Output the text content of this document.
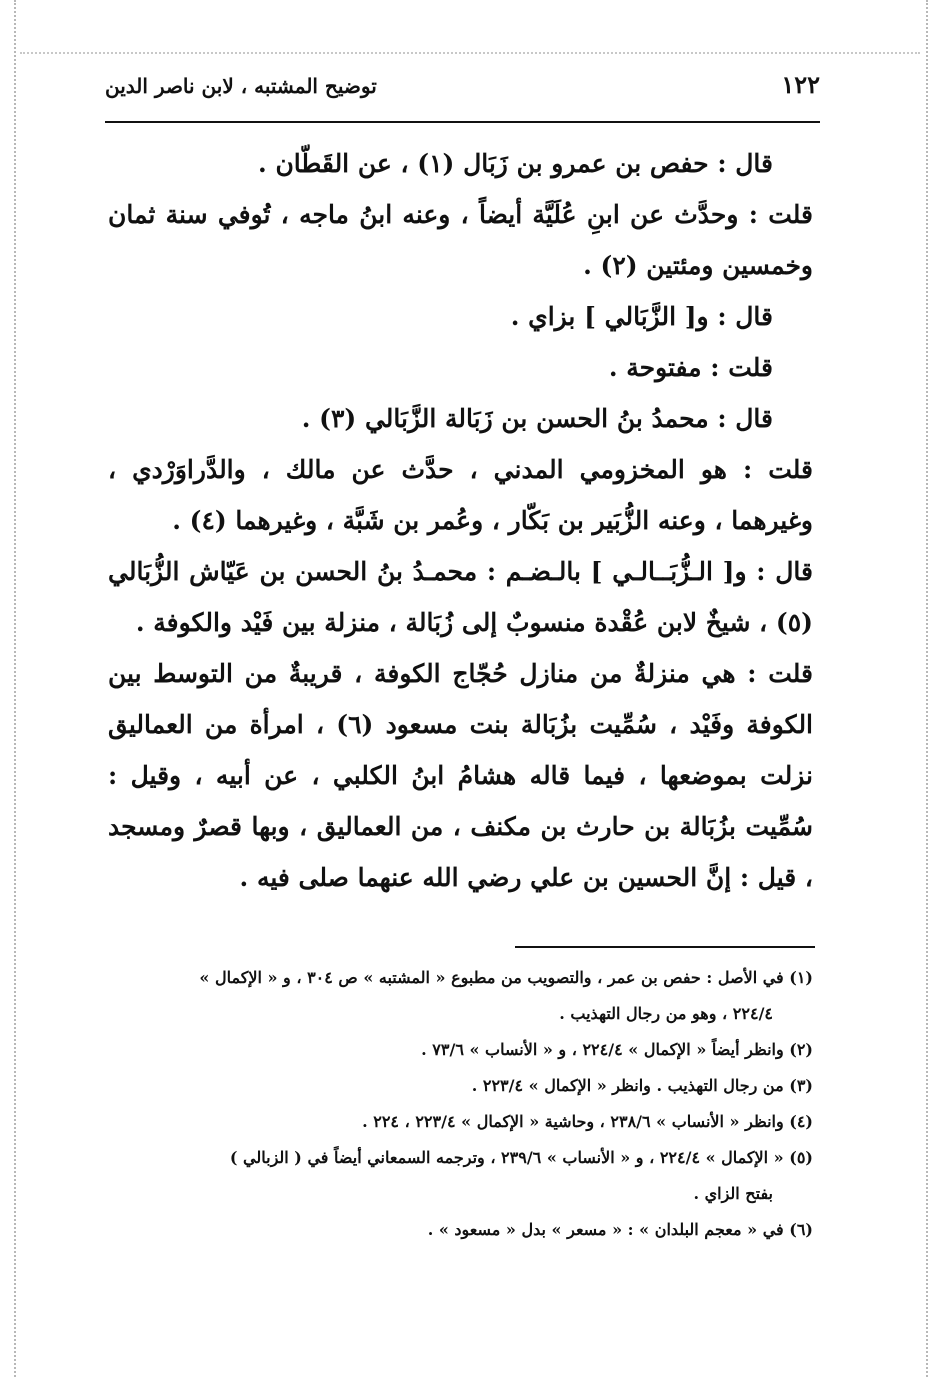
١٢٢
توضيح المشتبه ، لابن ناصر الدين

قال : حفص بن عمرو بن زَبَال (١) ، عن القَطّان .

قلت : وحدَّث عن ابنِ عُلَيَّة أيضاً ، وعنه ابنُ ماجه ، تُوفي سنة ثمان وخمسين ومئتين (٢) .

قال : و[ الزَّبَالي ] بزاي .

قلت : مفتوحة .

قال : محمدُ بنُ الحسن بن زَبَالة الزَّبَالي (٣) .

قلت : هو المخزومي المدني ، حدَّث عن مالك ، والدَّراوَرْدي ، وغيرهما ، وعنه الزُّبَير بن بَكّار ، وعُمر بن شَبَّة ، وغيرهما (٤) .

قال : و[ الـزُّبَــالـي ] بالـضـم : محمـدُ بنُ الحسن بن عَيّاش الزُّبَالي (٥) ، شيخٌ لابن عُقْدة منسوبٌ إلى زُبَالة ، منزلة بين فَيْد والكوفة .

قلت : هي منزلةٌ من منازل حُجّاج الكوفة ، قريبةٌ من التوسط بين الكوفة وفَيْد ، سُمِّيت بزُبَالة بنت مسعود (٦) ، امرأة من العماليق نزلت بموضعها ، فيما قاله هشامُ ابنُ الكلبي ، عن أبيه ، وقيل : سُمِّيت بزُبَالة بن حارث بن مكنف ، من العماليق ، وبها قصرٌ ومسجد ، قيل : إنَّ الحسين بن علي رضي الله عنهما صلى فيه .

(١) في الأصل : حفص بن عمر ، والتصويب من مطبوع « المشتبه » ص ٣٠٤ ، و « الإكمال »
٢٢٤/٤ ، وهو من رجال التهذيب .

(٢) وانظر أيضاً « الإكمال » ٢٢٤/٤ ، و « الأنساب » ٧٣/٦ .

(٣) من رجال التهذيب . وانظر « الإكمال » ٢٢٣/٤ .

(٤) وانظر « الأنساب » ٢٣٨/٦ ، وحاشية « الإكمال » ٢٢٣/٤ ، ٢٢٤ .

(٥) « الإكمال » ٢٢٤/٤ ، و « الأنساب » ٢٣٩/٦ ، وترجمه السمعاني أيضاً في ( الزبالي )
بفتح الزاي .

(٦) في « معجم البلدان » : « مسعر » بدل « مسعود » .
